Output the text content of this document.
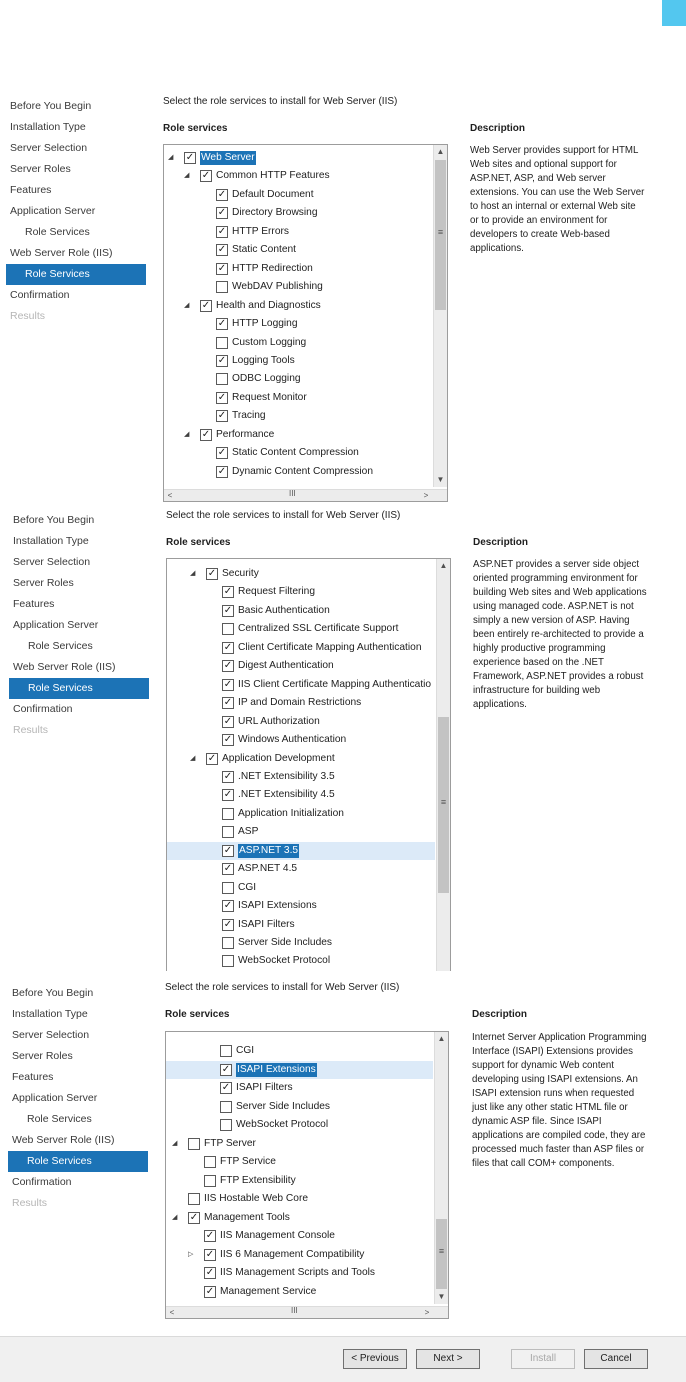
Before You Begin
Installation Type
Server Selection
Server Roles
Features
Application Server
Role Services
Web Server Role (IIS)
Role Services
Confirmation
Results
Select the role services to install for Web Server (IIS)
Role services	Description
Web Server provides support for HTML Web sites and optional support for ASP.NET, ASP, and Web server extensions. You can use the Web Server to host an internal or external Web site or to provide an environment for developers to create Web-based applications.
✓ Dynamic Content Compression
✓ Static Content Compression
◢ ✓ Performance
✓ Tracing
✓ Request Monitor
ODBC Logging
✓ Logging Tools
Custom Logging
✓ HTTP Logging
◢ ✓ Health and Diagnostics
WebDAV Publishing
✓ HTTP Redirection
✓ Static Content
✓ HTTP Errors
✓ Directory Browsing
✓ Default Document
◢ ✓ Common HTTP Features
◢ ✓ Web Server
▲
≡
▼
<	III	>
Before You Begin
Installation Type
Server Selection
Server Roles
Features
Application Server
Role Services
Web Server Role (IIS)
Role Services
Confirmation
Results
Select the role services to install for Web Server (IIS)
Role services	Description
ASP.NET provides a server side object oriented programming environment for building Web sites and Web applications using managed code. ASP.NET is not simply a new version of ASP. Having been entirely re-architected to provide a highly productive programming experience based on the .NET Framework, ASP.NET provides a robust infrastructure for building web applications.
WebSocket Protocol
Server Side Includes
✓ ISAPI Filters
✓ ISAPI Extensions
CGI
✓ ASP.NET 4.5
✓ ASP.NET 3.5
ASP
Application Initialization
✓ .NET Extensibility 4.5
✓ .NET Extensibility 3.5
◢ ✓ Application Development
✓ Windows Authentication
✓ URL Authorization
✓ IP and Domain Restrictions
✓ IIS Client Certificate Mapping Authenticatio
✓ Digest Authentication
✓ Client Certificate Mapping Authentication
Centralized SSL Certificate Support
✓ Basic Authentication
✓ Request Filtering
◢ ✓ Security
▲
≡
Before You Begin
Installation Type
Server Selection
Server Roles
Features
Application Server
Role Services
Web Server Role (IIS)
Role Services
Confirmation
Results
Select the role services to install for Web Server (IIS)
Role services	Description
Internet Server Application Programming Interface (ISAPI) Extensions provides support for dynamic Web content developing using ISAPI extensions. An ISAPI extension runs when requested just like any other static HTML file or dynamic ASP file. Since ISAPI applications are compiled code, they are processed much faster than ASP files or files that call COM+ components.
✓ Management Service
✓ IIS Management Scripts and Tools
▷ ✓ IIS 6 Management Compatibility
✓ IIS Management Console
◢ ✓ Management Tools
IIS Hostable Web Core
FTP Extensibility
FTP Service
◢	FTP Server
WebSocket Protocol
Server Side Includes
✓ ISAPI Filters
✓ ISAPI Extensions
CGI
▲
≡
▼
<	III	>
< Previous	Next >	Install	Cancel
